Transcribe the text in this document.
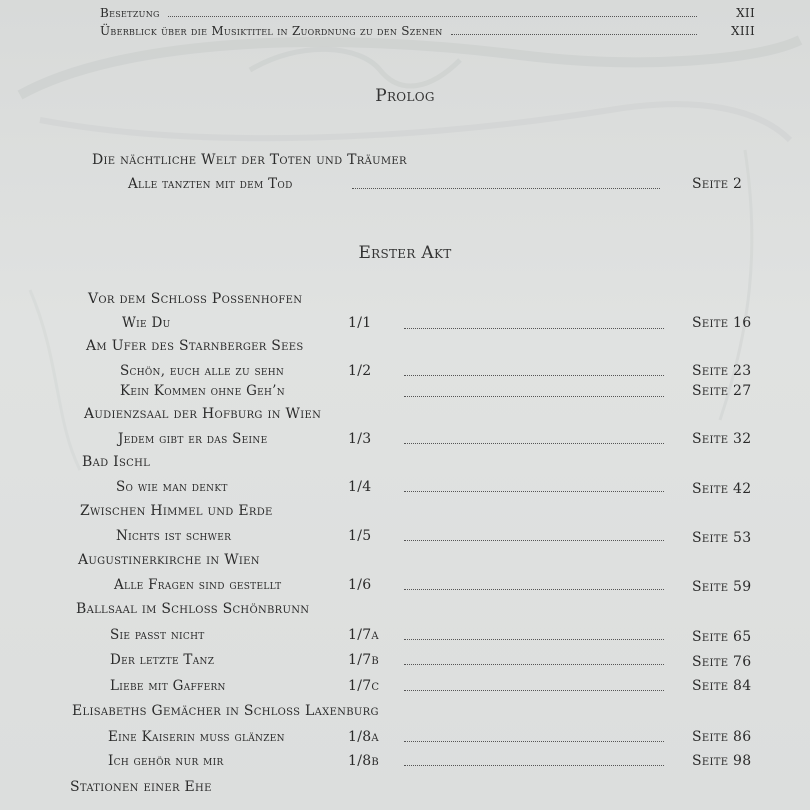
Besetzung	XII
Überblick über die Musiktitel in Zuordnung zu den Szenen	XIII
Prolog
Die nächtliche Welt der Toten und Träumer
Alle tanzten mit dem Tod	Seite 2
Erster Akt
Vor dem Schloss Possenhofen
Wie Du	1/1	Seite 16
Am Ufer des Starnberger Sees
Schön, euch alle zu sehn	1/2	Seite 23
Kein Kommen ohne Geh’n	Seite 27
Audienzsaal der Hofburg in Wien
Jedem gibt er das Seine	1/3	Seite 32
Bad Ischl
So wie man denkt	1/4	Seite 42
Zwischen Himmel und Erde
Nichts ist schwer	1/5	Seite 53
Augustinerkirche in Wien
Alle Fragen sind gestellt	1/6	Seite 59
Ballsaal im Schloss Schönbrunn
Sie passt nicht	1/7a	Seite 65
Der letzte Tanz	1/7b	Seite 76
Liebe mit Gaffern	1/7c	Seite 84
Elisabeths Gemächer in Schloss Laxenburg
Eine Kaiserin muss glänzen	1/8a	Seite 86
Ich gehör nur mir	1/8b	Seite 98
Stationen einer Ehe
